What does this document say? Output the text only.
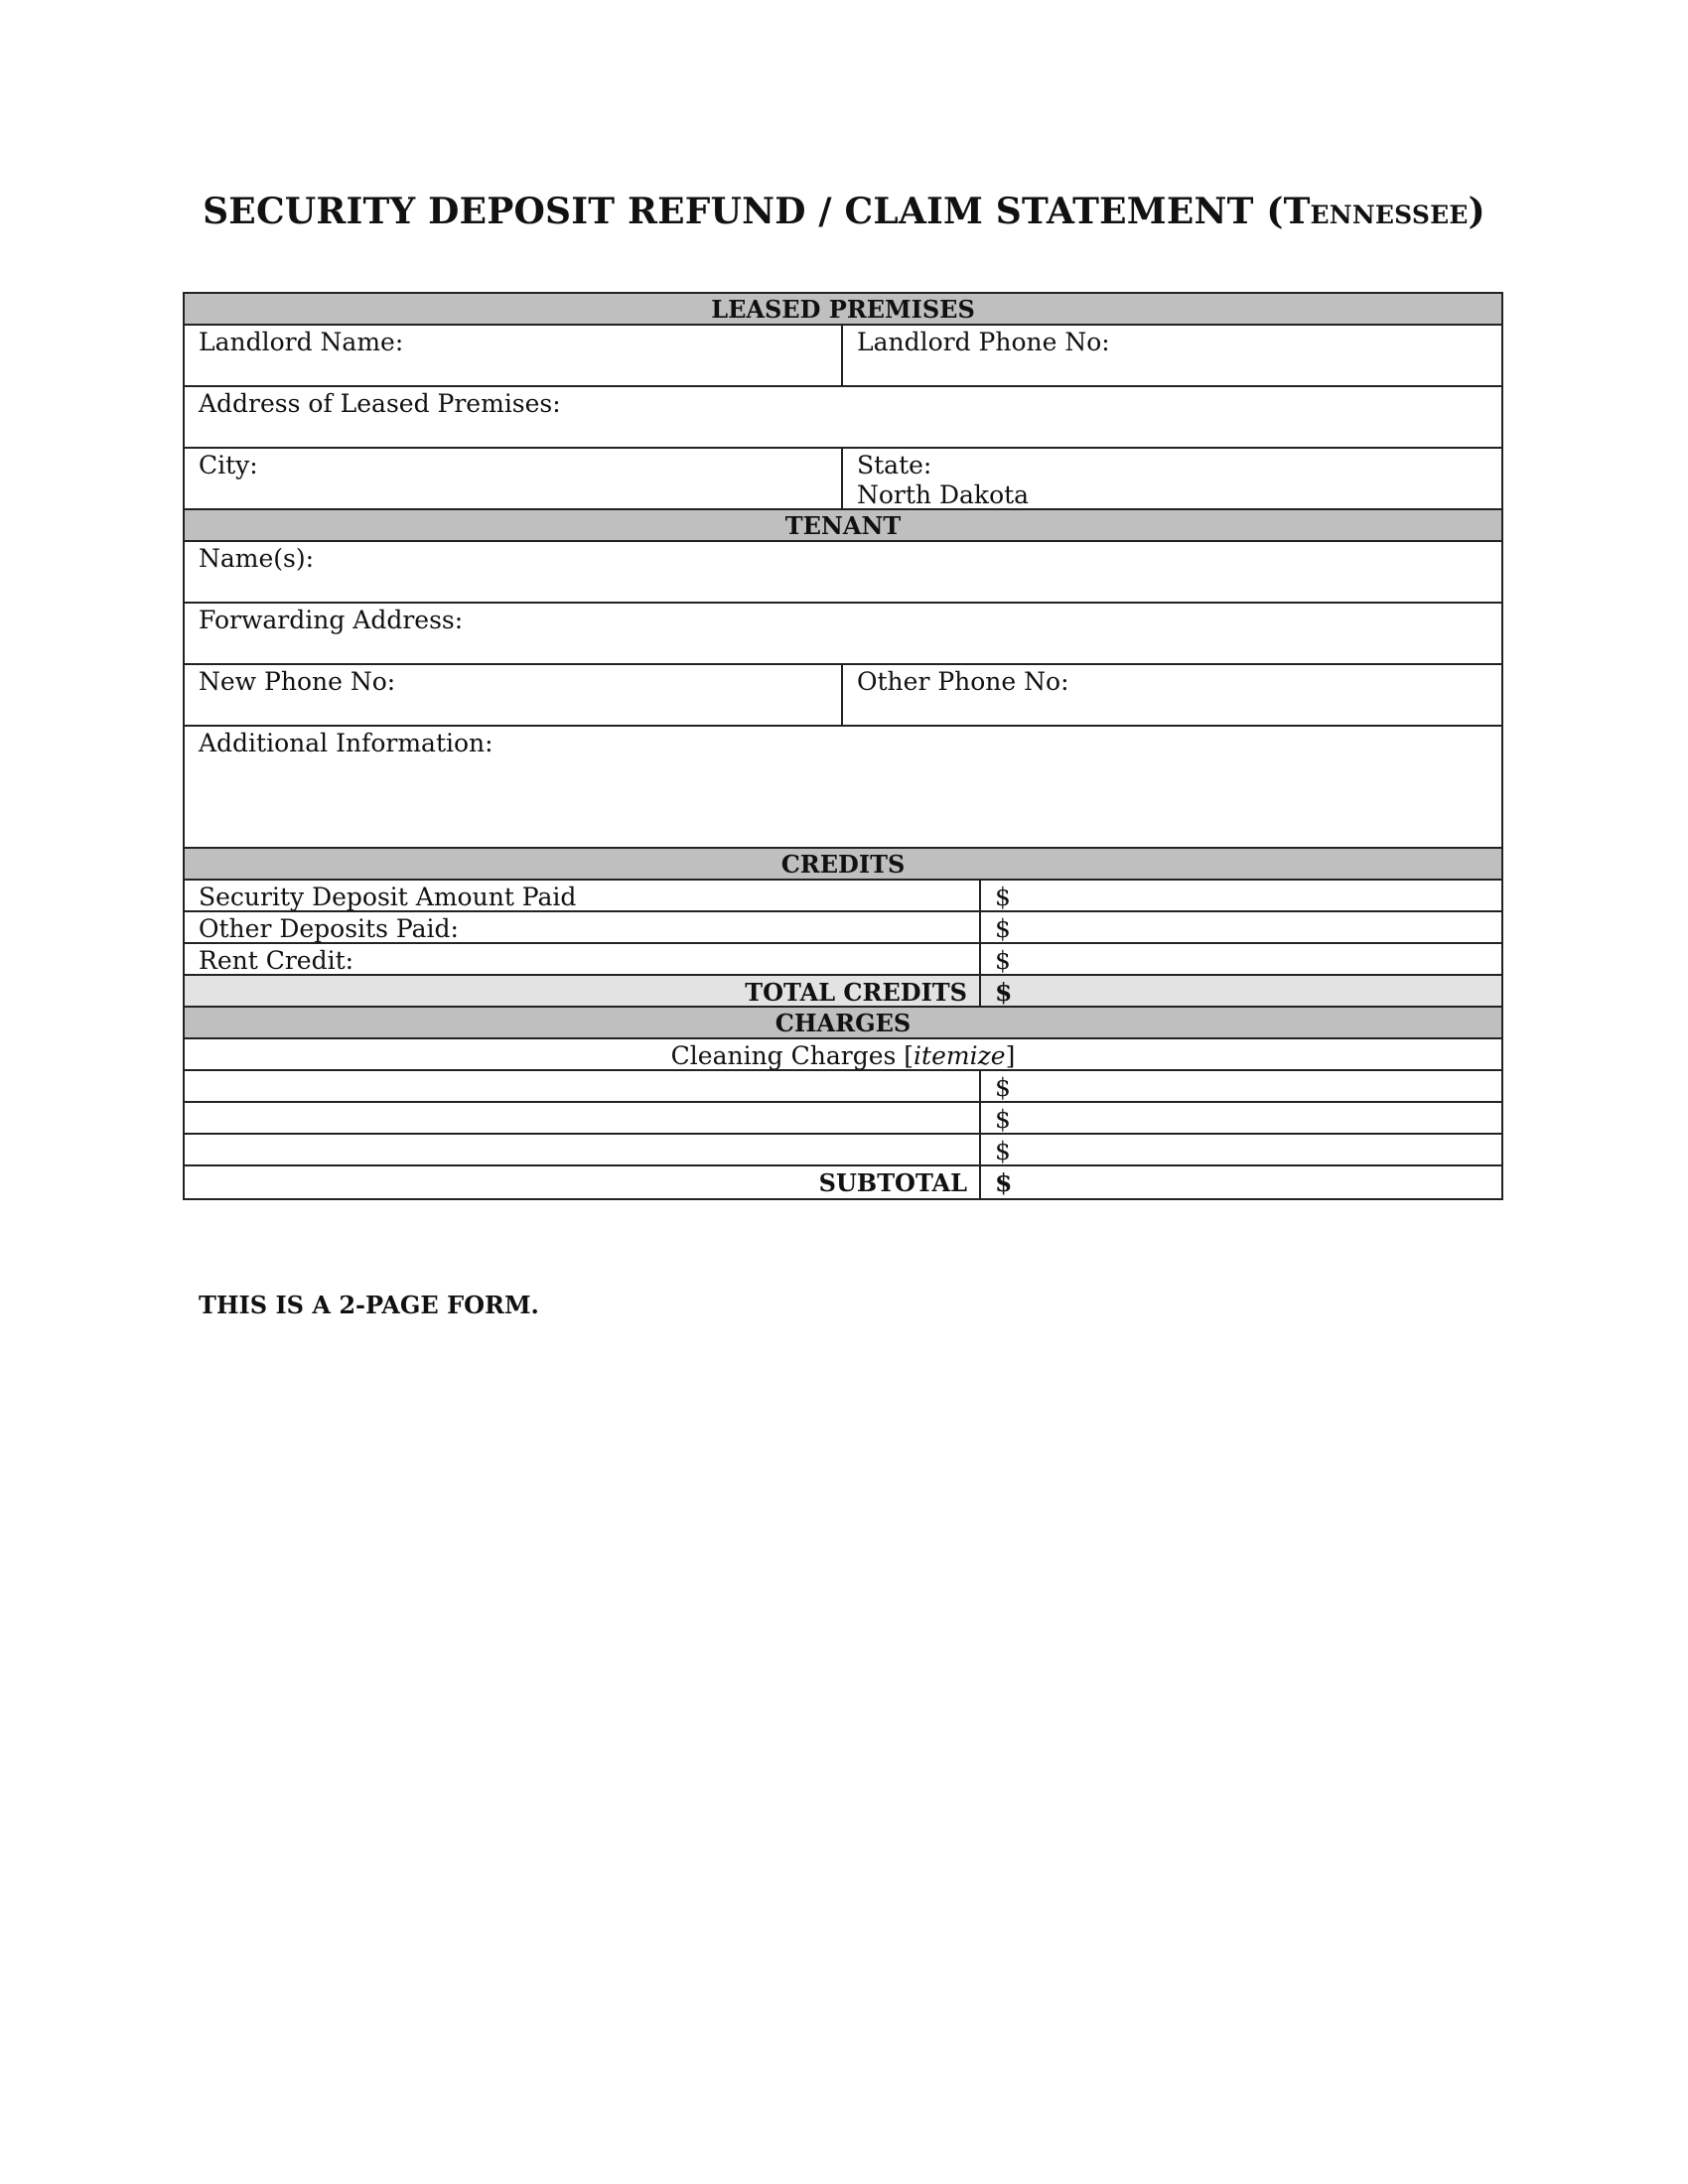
SECURITY DEPOSIT REFUND / CLAIM STATEMENT (Tennessee)
LEASED PREMISES
Landlord Name:	Landlord Phone No:
Address of Leased Premises:
City:	State:
North Dakota
TENANT
Name(s):
Forwarding Address:
New Phone No:	Other Phone No:
Additional Information:
CREDITS
Security Deposit Amount Paid	$
Other Deposits Paid:	$
Rent Credit:	$
TOTAL CREDITS	$
CHARGES
Cleaning Charges [itemize]
$
$
$
SUBTOTAL	$
THIS IS A 2-PAGE FORM.
